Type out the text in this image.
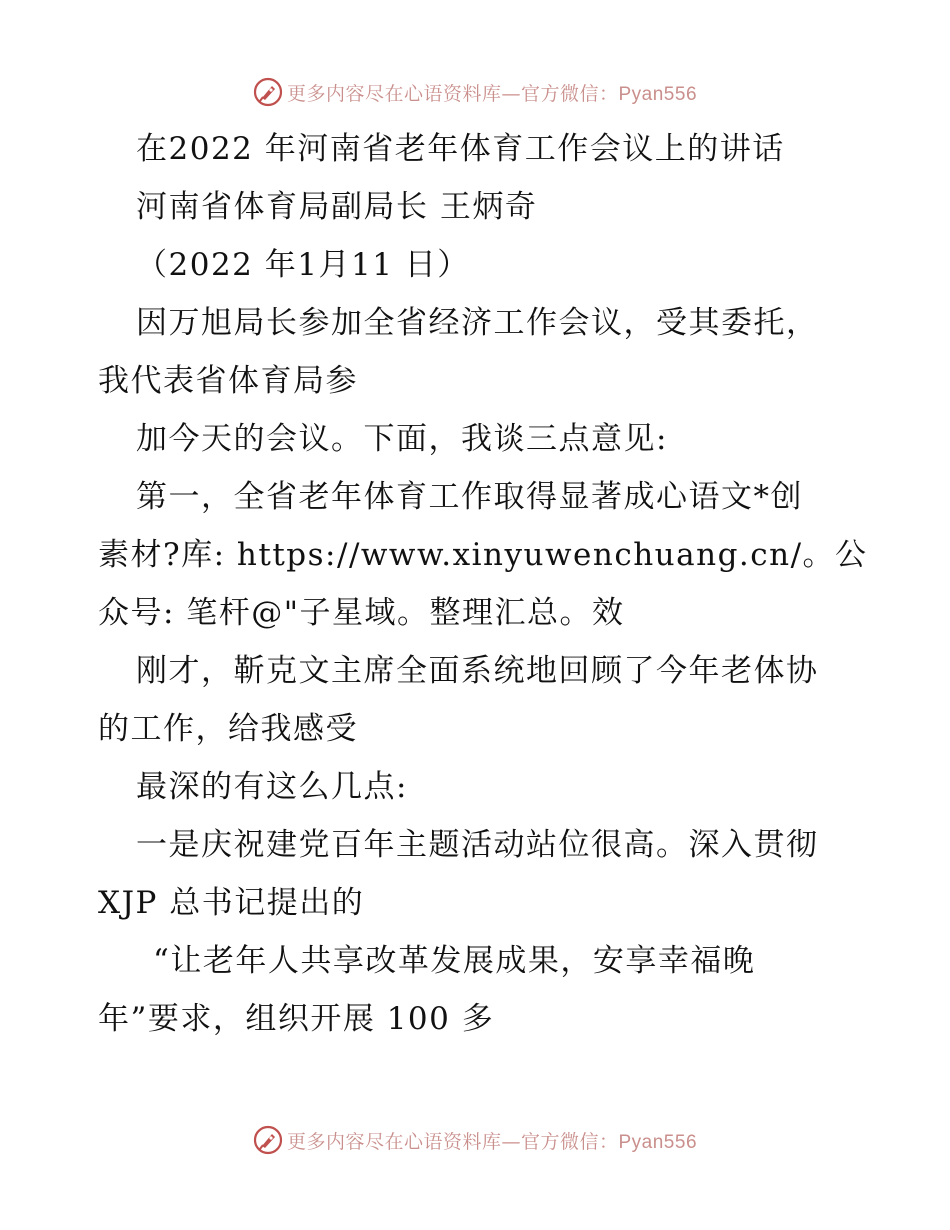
更多内容尽在心语资料库—官方微信：Pyan556
在2022 年河南省老年体育工作会议上的讲话
河南省体育局副局长 王炳奇
（2022 年1月11 日）
因万旭局长参加全省经济工作会议，受其委托，
我代表省体育局参
加今天的会议。下面，我谈三点意见:
第一，全省老年体育工作取得显著成心语文*创
素材?库: https://www.xinyuwenchuang.cn/。公
众号: 笔杆@"子星域。整理汇总。效
刚才，靳克文主席全面系统地回顾了今年老体协
的工作，给我感受
最深的有这么几点:
一是庆祝建党百年主题活动站位很高。深入贯彻
XJP 总书记提出的
“让老年人共享改革发展成果，安享幸福晚
年”要求，组织开展 100 多
更多内容尽在心语资料库—官方微信：Pyan556
